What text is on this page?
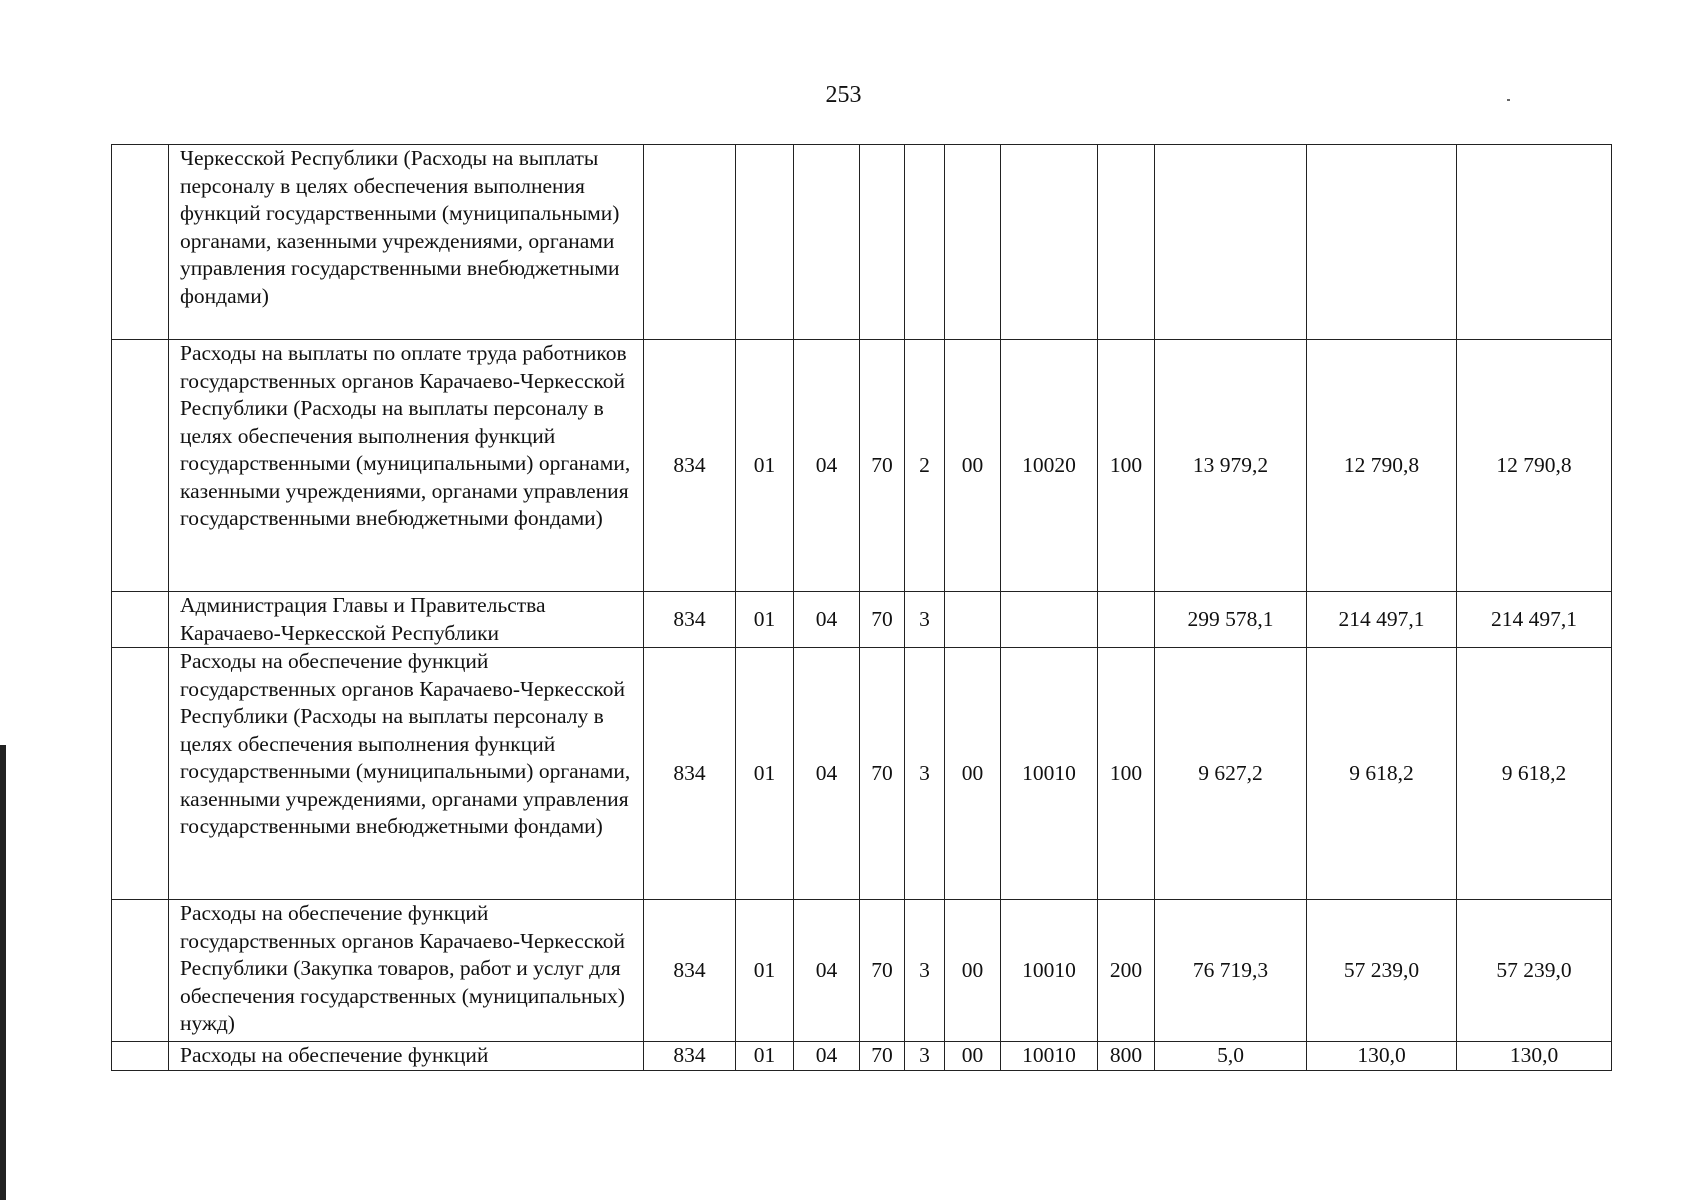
253
	Черкесской Республики (Расходы на выплаты персоналу в целях обеспечения выполнения функций государственными (муниципальными) органами, казенными учреждениями, органами управления государственными внебюджетными фондами)											
	Расходы на выплаты по оплате труда работников государственных органов Карачаево-Черкесской Республики (Расходы на выплаты персоналу в целях обеспечения выполнения функций государственными (муниципальными) органами, казенными учреждениями, органами управления государственными внебюджетными фондами)	834	01	04	70	2	00	10020	100	13 979,2	12 790,8	12 790,8
	Администрация Главы и Правительства Карачаево-Черкесской Республики	834	01	04	70	3				299 578,1	214 497,1	214 497,1
	Расходы на обеспечение функций государственных органов Карачаево-Черкесской Республики (Расходы на выплаты персоналу в целях обеспечения выполнения функций государственными (муниципальными) органами, казенными учреждениями, органами управления государственными внебюджетными фондами)	834	01	04	70	3	00	10010	100	9 627,2	9 618,2	9 618,2
	Расходы на обеспечение функций государственных органов Карачаево-Черкесской Республики (Закупка товаров, работ и услуг для обеспечения государственных (муниципальных) нужд)	834	01	04	70	3	00	10010	200	76 719,3	57 239,0	57 239,0
	Расходы на обеспечение функций	834	01	04	70	3	00	10010	800	5,0	130,0	130,0
